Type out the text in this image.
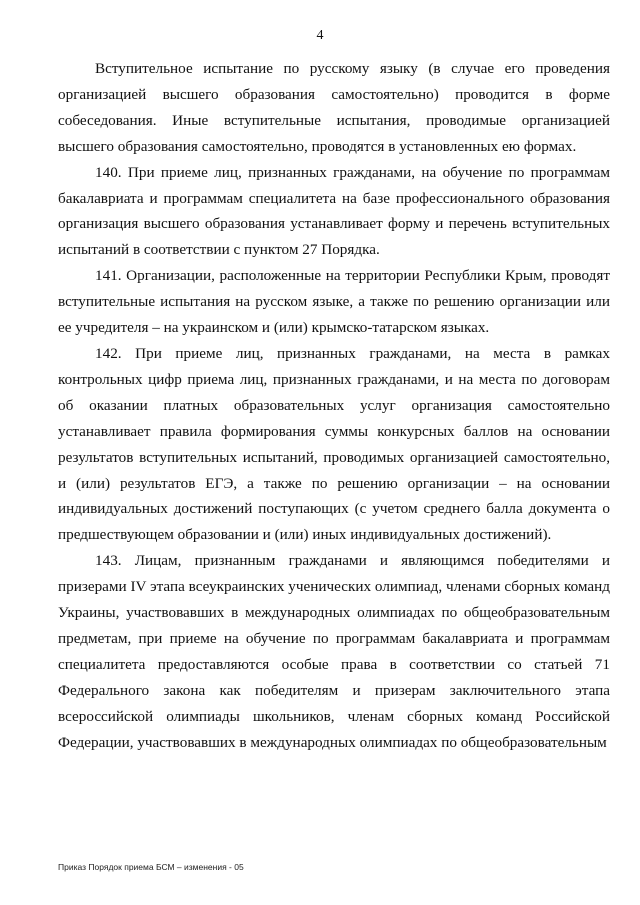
4

Вступительное испытание по русскому языку (в случае его проведения организацией высшего образования самостоятельно) проводится в форме собеседования. Иные вступительные испытания, проводимые организацией высшего образования самостоятельно, проводятся в установленных ею формах.

140. При приеме лиц, признанных гражданами, на обучение по программам бакалавриата и программам специалитета на базе профессионального образования организация высшего образования устанавливает форму и перечень вступительных испытаний в соответствии с пунктом 27 Порядка.

141. Организации, расположенные на территории Республики Крым, проводят вступительные испытания на русском языке, а также по решению организации или ее учредителя – на украинском и (или) крымско-татарском языках.

142. При приеме лиц, признанных гражданами, на места в рамках контрольных цифр приема лиц, признанных гражданами, и на места по договорам об оказании платных образовательных услуг организация самостоятельно устанавливает правила формирования суммы конкурсных баллов на основании результатов вступительных испытаний, проводимых организацией самостоятельно, и (или) результатов ЕГЭ, а также по решению организации – на основании индивидуальных достижений поступающих (с учетом среднего балла документа о предшествующем образовании и (или) иных индивидуальных достижений).

143. Лицам, признанным гражданами и являющимся победителями и призерами IV этапа всеукраинских ученических олимпиад, членами сборных команд Украины, участвовавших в международных олимпиадах по общеобразовательным предметам, при приеме на обучение по программам бакалавриата и программам специалитета предоставляются особые права в соответствии со статьей 71 Федерального закона как победителям и призерам заключительного этапа всероссийской олимпиады школьников, членам сборных команд Российской Федерации, участвовавших в международных олимпиадах по общеобразовательным

Приказ Порядок приема БСМ – изменения - 05
